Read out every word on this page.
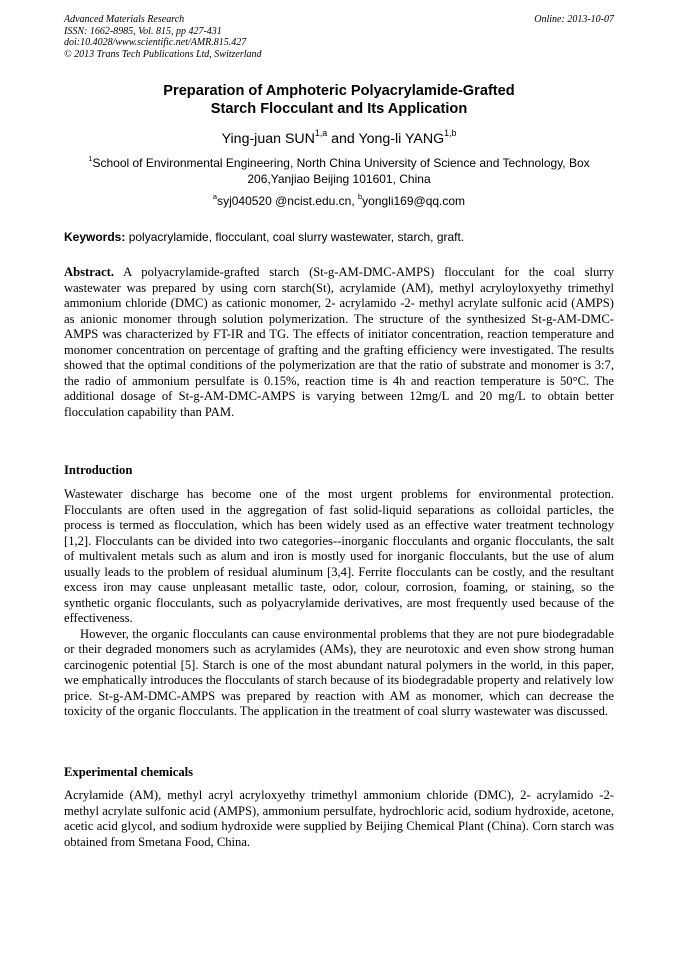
Advanced Materials Research
ISSN: 1662-8985, Vol. 815, pp 427-431
doi:10.4028/www.scientific.net/AMR.815.427
© 2013 Trans Tech Publications Ltd, Switzerland
Online: 2013-10-07
Preparation of Amphoteric Polyacrylamide-Grafted
Starch Flocculant and Its Application
Ying-juan SUN$^{1,a}$ and Yong-li YANG$^{1,b}$
$^1$School of Environmental Engineering, North China University of Science and Technology, Box 206,Yanjiao Beijing 101601, China
$^a$syj040520 @ncist.edu.cn, $^b$yongli169@qq.com
Keywords: polyacrylamide, flocculant, coal slurry wastewater, starch, graft.

Abstract. A polyacrylamide-grafted starch (St-g-AM-DMC-AMPS) flocculant for the coal slurry wastewater was prepared by using corn starch(St), acrylamide (AM), methyl acryloyloxyethy trimethyl ammonium chloride (DMC) as cationic monomer, 2- acrylamido -2- methyl acrylate sulfonic acid (AMPS) as anionic monomer through solution polymerization. The structure of the synthesized St-g-AM-DMC-AMPS was characterized by FT-IR and TG. The effects of initiator concentration, reaction temperature and monomer concentration on percentage of grafting and the grafting efficiency were investigated. The results showed that the optimal conditions of the polymerization are that the ratio of substrate and monomer is 3:7, the radio of ammonium persulfate is 0.15%, reaction time is 4h and reaction temperature is 50°C. The additional dosage of St-g-AM-DMC-AMPS is varying between 12mg/L and 20 mg/L to obtain better flocculation capability than PAM.

Introduction

Wastewater discharge has become one of the most urgent problems for environmental protection. Flocculants are often used in the aggregation of fast solid-liquid separations as colloidal particles, the process is termed as flocculation, which has been widely used as an effective water treatment technology [1,2]. Flocculants can be divided into two categories--inorganic flocculants and organic flocculants, the salt of multivalent metals such as alum and iron is mostly used for inorganic flocculants, but the use of alum usually leads to the problem of residual aluminum [3,4]. Ferrite flocculants can be costly, and the resultant excess iron may cause unpleasant metallic taste, odor, colour, corrosion, foaming, or staining, so the synthetic organic flocculants, such as polyacrylamide derivatives, are most frequently used because of the effectiveness.

However, the organic flocculants can cause environmental problems that they are not pure biodegradable or their degraded monomers such as acrylamides (AMs), they are neurotoxic and even show strong human carcinogenic potential [5]. Starch is one of the most abundant natural polymers in the world, in this paper, we emphatically introduces the flocculants of starch because of its biodegradable property and relatively low price. St-g-AM-DMC-AMPS was prepared by reaction with AM as monomer, which can decrease the toxicity of the organic flocculants. The application in the treatment of coal slurry wastewater was discussed.

Experimental chemicals

Acrylamide (AM), methyl acryl acryloxyethy trimethyl ammonium chloride (DMC), 2- acrylamido -2- methyl acrylate sulfonic acid (AMPS), ammonium persulfate, hydrochloric acid, sodium hydroxide, acetone, acetic acid glycol, and sodium hydroxide were supplied by Beijing Chemical Plant (China). Corn starch was obtained from Smetana Food, China.
